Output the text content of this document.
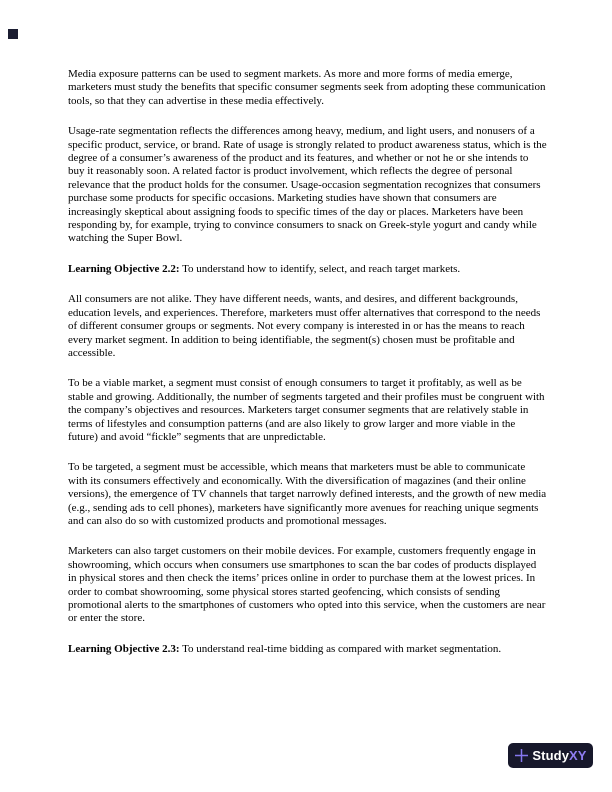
Media exposure patterns can be used to segment markets. As more and more forms of media emerge, marketers must study the benefits that specific consumer segments seek from adopting these communication tools, so that they can advertise in these media effectively.

Usage-rate segmentation reflects the differences among heavy, medium, and light users, and nonusers of a specific product, service, or brand. Rate of usage is strongly related to product awareness status, which is the degree of a consumer’s awareness of the product and its features, and whether or not he or she intends to buy it reasonably soon. A related factor is product involvement, which reflects the degree of personal relevance that the product holds for the consumer. Usage-occasion segmentation recognizes that consumers purchase some products for specific occasions. Marketing studies have shown that consumers are increasingly skeptical about assigning foods to specific times of the day or places. Marketers have been responding by, for example, trying to convince consumers to snack on Greek-style yogurt and candy while watching the Super Bowl.

Learning Objective 2.2: To understand how to identify, select, and reach target markets.

All consumers are not alike. They have different needs, wants, and desires, and different backgrounds, education levels, and experiences. Therefore, marketers must offer alternatives that correspond to the needs of different consumer groups or segments. Not every company is interested in or has the means to reach every market segment. In addition to being identifiable, the segment(s) chosen must be profitable and accessible.

To be a viable market, a segment must consist of enough consumers to target it profitably, as well as be stable and growing. Additionally, the number of segments targeted and their profiles must be congruent with the company’s objectives and resources. Marketers target consumer segments that are relatively stable in terms of lifestyles and consumption patterns (and are also likely to grow larger and more viable in the future) and avoid “fickle” segments that are unpredictable.

To be targeted, a segment must be accessible, which means that marketers must be able to communicate with its consumers effectively and economically. With the diversification of magazines (and their online versions), the emergence of TV channels that target narrowly defined interests, and the growth of new media (e.g., sending ads to cell phones), marketers have significantly more avenues for reaching unique segments and can also do so with customized products and promotional messages.

Marketers can also target customers on their mobile devices. For example, customers frequently engage in showrooming, which occurs when consumers use smartphones to scan the bar codes of products displayed in physical stores and then check the items’ prices online in order to purchase them at the lowest prices. In order to combat showrooming, some physical stores started geofencing, which consists of sending promotional alerts to the smartphones of customers who opted into this service, when the customers are near or enter the store.

Learning Objective 2.3: To understand real-time bidding as compared with market segmentation.

StudyXY
